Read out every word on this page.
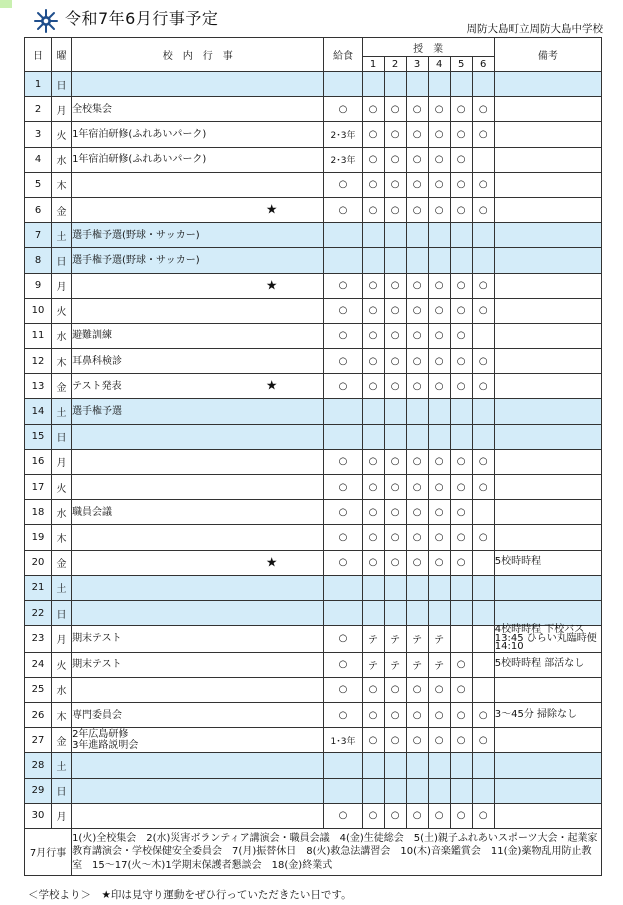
令和7年6月行事予定
周防大島町立周防大島中学校
日	曜	校　内　行　事	給食	授　業						備考
				1	2	3	4	5	6	
1	日	

2	月	全校集会	○	○	○	○	○	○	○	
3	火	1年宿泊研修(ふれあいパーク)	2･3年	○	○	○	○	○	○	
4	水	1年宿泊研修(ふれあいパーク)	2･3年	○	○	○	○	○		
5	木		○	○	○	○	○	○	○	
6	金	★	○	○	○	○	○	○	○	
7	土	選手権予選(野球・サッカー)

8	日	選手権予選(野球・サッカー)

9	月	★	○	○	○	○	○	○	○	
10	火		○	○	○	○	○	○	○	
11	水	避難訓練	○	○	○	○	○	○		
12	木	耳鼻科検診	○	○	○	○	○	○	○	
13	金	テスト発表 ★	○	○	○	○	○	○	○	
14	土	選手権予選

15	日	

16	月		○	○	○	○	○	○	○	
17	火		○	○	○	○	○	○	○	
18	水	職員会議	○	○	○	○	○	○		
19	木		○	○	○	○	○	○	○	
20	金	★	○	○	○	○	○	○		5校時時程
21	土	

22	日	

23	月	期末テスト	○	テ	テ	テ	テ			4校時時程 下校バス13:45 ひらい丸臨時便14:10
24	火	期末テスト	○	テ	テ	テ	テ	○		5校時時程 部活なし
25	水		○	○	○	○	○	○		
26	木	専門委員会	○	○	○	○	○	○	○	3～45分 掃除なし
27	金	2年広島研修
3年進路説明会	1･3年	○	○	○	○	○	○	
28	土	

29	日	

30	月		○	○	○	○	○	○	○	
7月行事		1(火)全校集会　2(水)災害ボランティア講演会・職員会議　4(金)生徒総会　5(土)親子ふれあいスポーツ大会・起業家教育講演会・学校保健安全委員会　7(月)振替休日　8(火)救急法講習会　10(木)音楽鑑賞会　11(金)薬物乱用防止教室　15～17(火～木)1学期末保護者懇談会　18(金)終業式								
＜学校より＞　★印は見守り運動をぜひ行っていただきたい日です。
